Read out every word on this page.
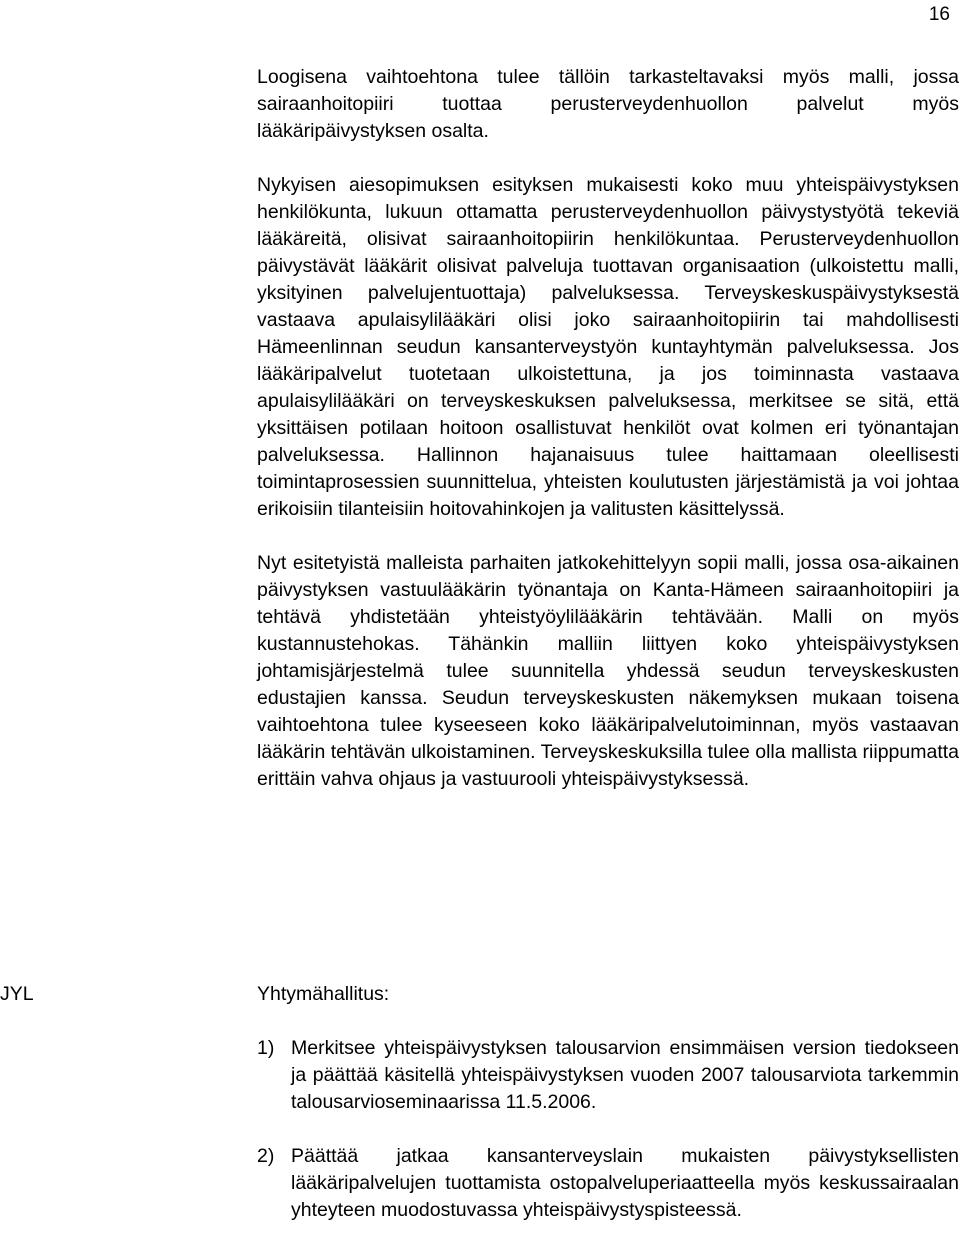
16

Loogisena vaihtoehtona tulee tällöin tarkasteltavaksi myös malli, jossa sairaanhoitopiiri tuottaa perusterveydenhuollon palvelut myös lääkäripäivystyksen osalta.

Nykyisen aiesopimuksen esityksen mukaisesti koko muu yhteispäivystyksen henkilökunta, lukuun ottamatta perusterveydenhuollon päivystystyötä tekeviä lääkäreitä, olisivat sairaanhoitopiirin henkilökuntaa. Perusterveydenhuollon päivystävät lääkärit olisivat palveluja tuottavan organisaation (ulkoistettu malli, yksityinen palvelujentuottaja) palveluksessa. Terveyskeskuspäivystyksestä vastaava apulaisylilääkäri olisi joko sairaanhoitopiirin tai mahdollisesti Hämeenlinnan seudun kansanterveystyön kuntayhtymän palveluksessa. Jos lääkäripalvelut tuotetaan ulkoistettuna, ja jos toiminnasta vastaava apulaisylilääkäri on terveyskeskuksen palveluksessa, merkitsee se sitä, että yksittäisen potilaan hoitoon osallistuvat henkilöt ovat kolmen eri työnantajan palveluksessa. Hallinnon hajanaisuus tulee haittamaan oleellisesti toimintaprosessien suunnittelua, yhteisten koulutusten järjestämistä ja voi johtaa erikoisiin tilanteisiin hoitovahinkojen ja valitusten käsittelyssä.

Nyt esitetyistä malleista parhaiten jatkokehittelyyn sopii malli, jossa osa-aikainen päivystyksen vastuulääkärin työnantaja on Kanta-Hämeen sairaanhoitopiiri ja tehtävä yhdistetään yhteistyöylilääkärin tehtävään. Malli on myös kustannustehokas. Tähänkin malliin liittyen koko yhteispäivystyksen johtamisjärjestelmä tulee suunnitella yhdessä seudun terveyskeskusten edustajien kanssa. Seudun terveyskeskusten näkemyksen mukaan toisena vaihtoehtona tulee kyseeseen koko lääkäripalvelutoiminnan, myös vastaavan lääkärin tehtävän ulkoistaminen. Terveyskeskuksilla tulee olla mallista riippumatta erittäin vahva ohjaus ja vastuurooli yhteispäivystyksessä.

JYL	Yhtymähallitus:
1) Merkitsee yhteispäivystyksen talousarvion ensimmäisen version tiedokseen ja päättää käsitellä yhteispäivystyksen vuoden 2007 talousarviota tarkemmin talousarvioseminaarissa 11.5.2006.
2) Päättää jatkaa kansanterveyslain mukaisten päivystyksellisten lääkäripalvelujen tuottamista ostopalveluperiaatteella myös keskussairaalan yhteyteen muodostuvassa yhteispäivystyspisteessä.
